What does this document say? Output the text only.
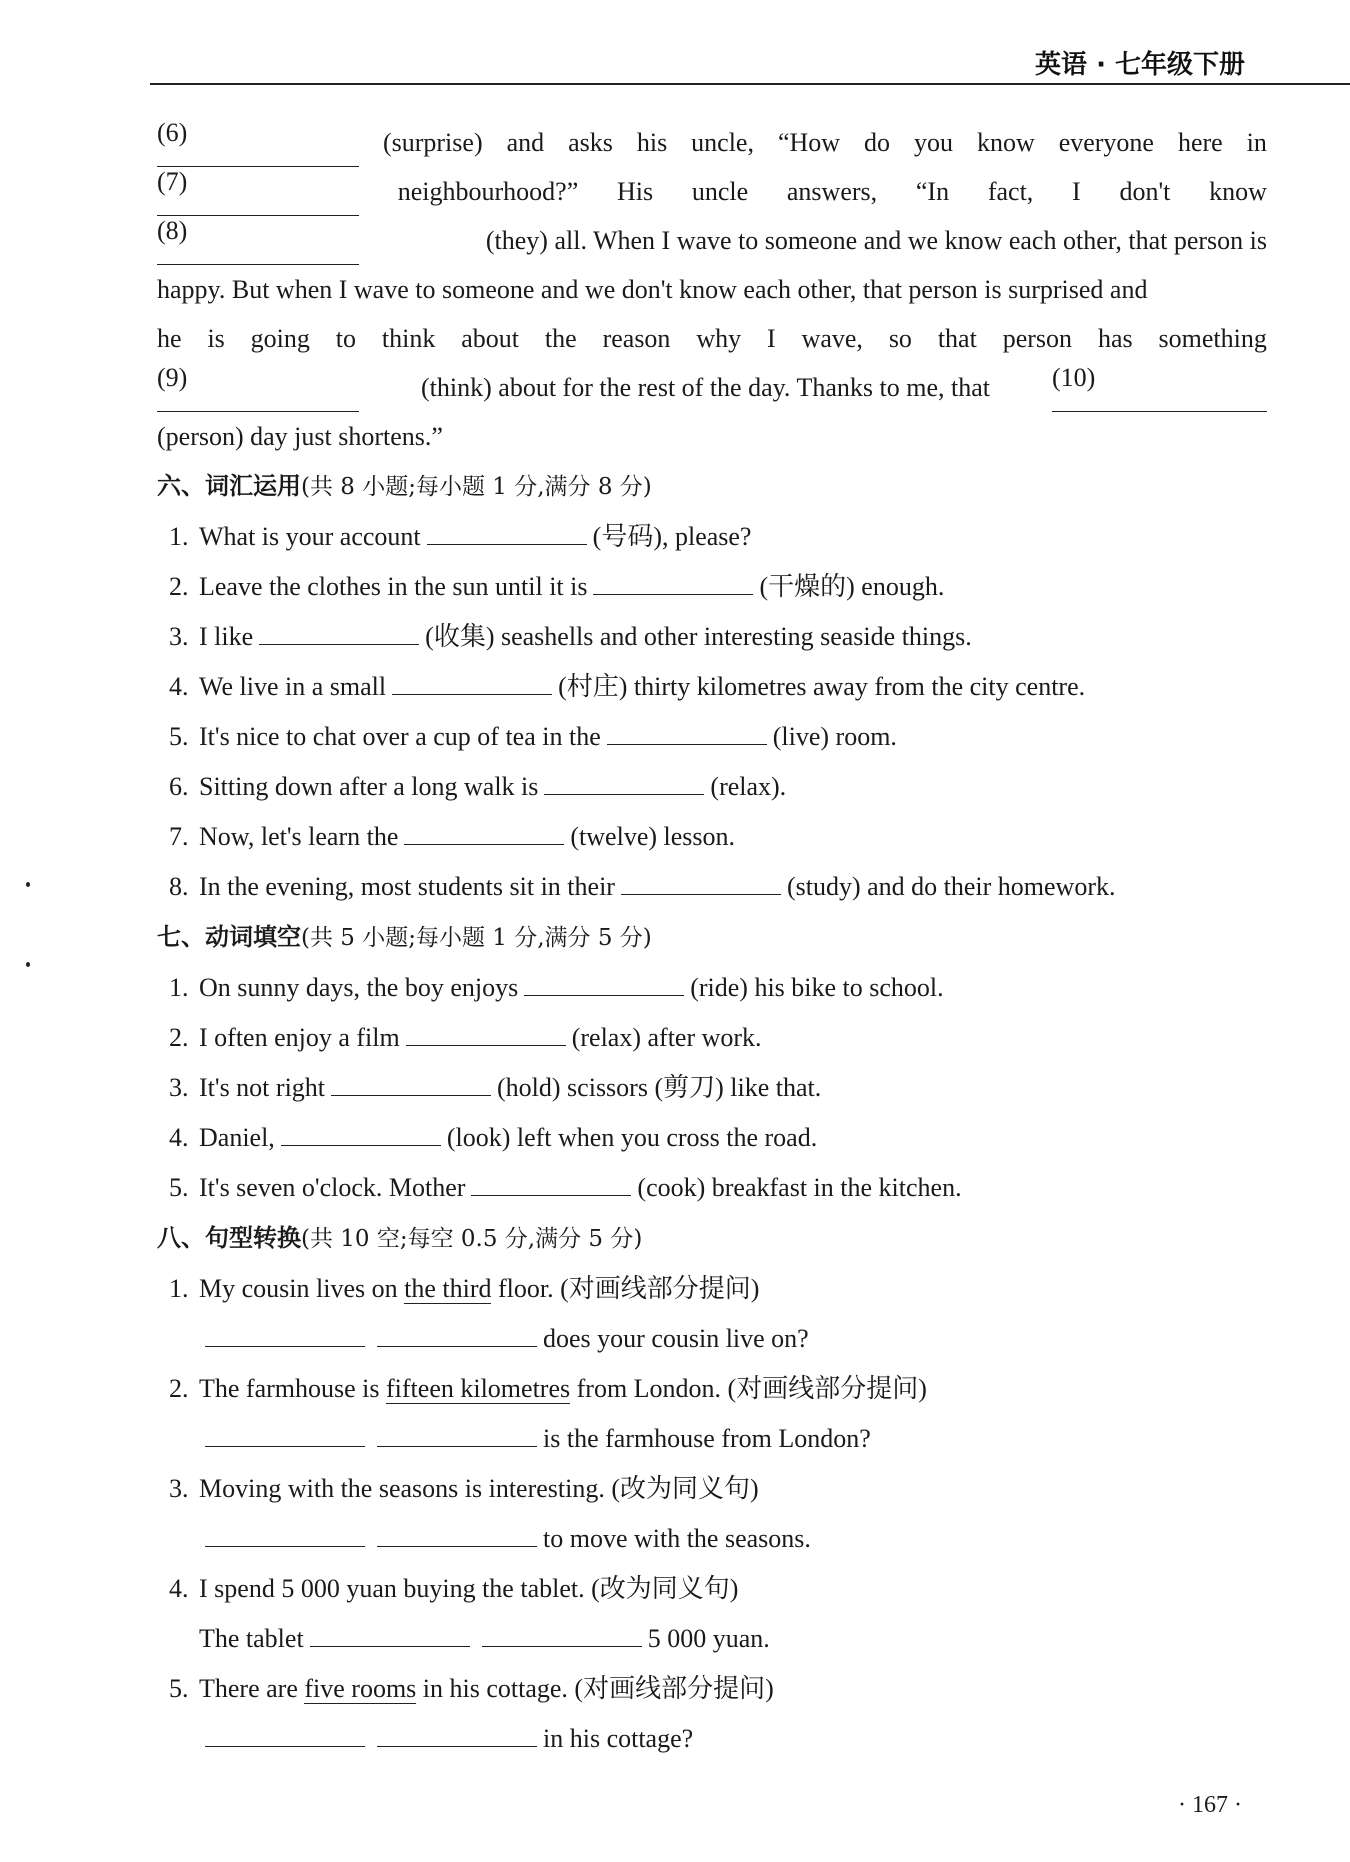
英语 · 七年级下册
(6)	(surprise) and asks his uncle, “How do you know everyone here in
(7)	neighbourhood?” His uncle answers, “In fact, I don't know
(8)	(they) all. When I wave to someone and we know each other, that person is
happy. But when I wave to someone and we don't know each other, that person is surprised and
he is going to think about the reason why I wave, so that person has something
(9)	(think) about for the rest of the day. Thanks to me, that (10)
(person) day just shortens.”
六、词汇运用(共 8 小题;每小题 1 分,满分 8 分)
1. What is your account	(号码), please?
2. Leave the clothes in the sun until it is	(干燥的) enough.
3. I like	(收集) seashells and other interesting seaside things.
4. We live in a small	(村庄) thirty kilometres away from the city centre.
5. It's nice to chat over a cup of tea in the	(live) room.
6. Sitting down after a long walk is	(relax).
7. Now, let's learn the	(twelve) lesson.
8. In the evening, most students sit in their	(study) and do their homework.
七、动词填空(共 5 小题;每小题 1 分,满分 5 分)
1. On sunny days, the boy enjoys	(ride) his bike to school.
2. I often enjoy a film	(relax) after work.
3. It's not right	(hold) scissors (剪刀) like that.
4. Daniel,	(look) left when you cross the road.
5. It's seven o'clock. Mother	(cook) breakfast in the kitchen.
八、句型转换(共 10 空;每空 0.5 分,满分 5 分)
1. My cousin lives on the third floor. (对画线部分提问)
does your cousin live on?
2. The farmhouse is fifteen kilometres from London. (对画线部分提问)
is the farmhouse from London?
3. Moving with the seasons is interesting. (改为同义句)
to move with the seasons.
4. I spend 5 000 yuan buying the tablet. (改为同义句)
The tablet	5 000 yuan.
5. There are five rooms in his cottage. (对画线部分提问)
in his cottage?
· 167 ·
